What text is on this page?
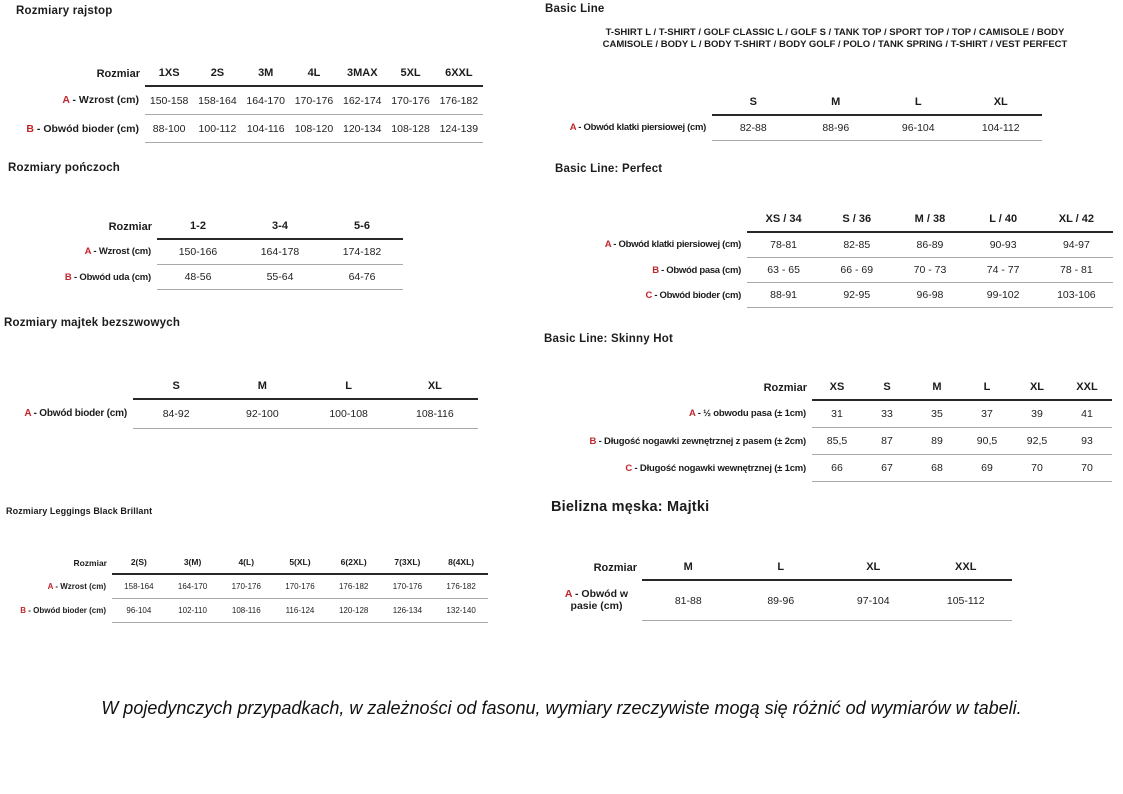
Rozmiary rajstop
Rozmiar	1XS	2S	3M	4L	3MAX	5XL	6XXL
A - Wzrost (cm)	150-158	158-164	164-170	170-176	162-174	170-176	176-182
B - Obwód bioder (cm)	88-100	100-112	104-116	108-120	120-134	108-128	124-139
Rozmiary pończoch
Rozmiar	1-2	3-4	5-6
A - Wzrost (cm)	150-166	164-178	174-182
B - Obwód uda (cm)	48-56	55-64	64-76
Rozmiary majtek bezszwowych
	S	M	L	XL
A - Obwód bioder (cm)	84-92	92-100	100-108	108-116
Rozmiary Leggings Black Brillant
Rozmiar	2(S)	3(M)	4(L)	5(XL)	6(2XL)	7(3XL)	8(4XL)
A - Wzrost (cm)	158-164	164-170	170-176	170-176	176-182	170-176	176-182
B - Obwód bioder (cm)	96-104	102-110	108-116	116-124	120-128	126-134	132-140
Basic Line
T-SHIRT L / T-SHIRT / GOLF CLASSIC L / GOLF S / TANK TOP / SPORT TOP / TOP / CAMISOLE / BODY
CAMISOLE / BODY L / BODY T-SHIRT / BODY GOLF / POLO / TANK SPRING / T-SHIRT / VEST PERFECT
	S	M	L	XL
A - Obwód klatki piersiowej (cm)	82-88	88-96	96-104	104-112
Basic Line: Perfect
	XS / 34	S / 36	M / 38	L / 40	XL / 42
A - Obwód klatki piersiowej (cm)	78-81	82-85	86-89	90-93	94-97
B - Obwód pasa (cm)	63 - 65	66 - 69	70 - 73	74 - 77	78 - 81
C - Obwód bioder (cm)	88-91	92-95	96-98	99-102	103-106
Basic Line: Skinny Hot
Rozmiar	XS	S	M	L	XL	XXL
A - ½ obwodu pasa (± 1cm)	31	33	35	37	39	41
B - Długość nogawki zewnętrznej z pasem (± 2cm)	85,5	87	89	90,5	92,5	93
C - Długość nogawki wewnętrznej (± 1cm)	66	67	68	69	70	70
Bielizna męska: Majtki
Rozmiar	M	L	XL	XXL
A - Obwód w pasie (cm)	81-88	89-96	97-104	105-112

W pojedynczych przypadkach, w zależności od fasonu, wymiary rzeczywiste mogą się różnić od wymiarów w tabeli.
